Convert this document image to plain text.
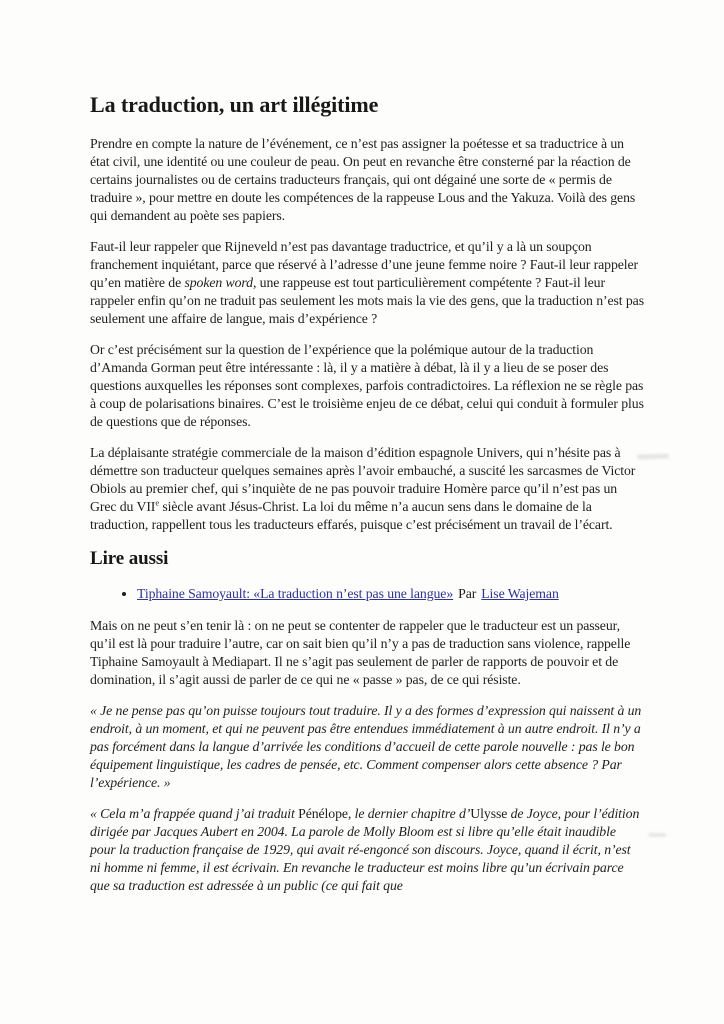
La traduction, un art illégitime

Prendre en compte la nature de l’événement, ce n’est pas assigner la poétesse et sa traductrice à un état civil, une identité ou une couleur de peau. On peut en revanche être consterné par la réaction de certains journalistes ou de certains traducteurs français, qui ont dégainé une sorte de « permis de traduire », pour mettre en doute les compétences de la rappeuse Lous and the Yakuza. Voilà des gens qui demandent au poète ses papiers.

Faut-il leur rappeler que Rijneveld n’est pas davantage traductrice, et qu’il y a là un soupçon franchement inquiétant, parce que réservé à l’adresse d’une jeune femme noire ? Faut-il leur rappeler qu’en matière de spoken word, une rappeuse est tout particulièrement compétente ? Faut-il leur rappeler enfin qu’on ne traduit pas seulement les mots mais la vie des gens, que la traduction n’est pas seulement une affaire de langue, mais d’expérience ?

Or c’est précisément sur la question de l’expérience que la polémique autour de la traduction d’Amanda Gorman peut être intéressante : là, il y a matière à débat, là il y a lieu de se poser des questions auxquelles les réponses sont complexes, parfois contradictoires. La réflexion ne se règle pas à coup de polarisations binaires. C’est le troisième enjeu de ce débat, celui qui conduit à formuler plus de questions que de réponses.

La déplaisante stratégie commerciale de la maison d’édition espagnole Univers, qui n’hésite pas à démettre son traducteur quelques semaines après l’avoir embauché, a suscité les sarcasmes de Victor Obiols au premier chef, qui s’inquiète de ne pas pouvoir traduire Homère parce qu’il n’est pas un Grec du VIIe siècle avant Jésus-Christ. La loi du même n’a aucun sens dans le domaine de la traduction, rappellent tous les traducteurs effarés, puisque c’est précisément un travail de l’écart.

Lire aussi
• Tiphaine Samoyault: «La traduction n’est pas une langue» Par Lise Wajeman

Mais on ne peut s’en tenir là : on ne peut se contenter de rappeler que le traducteur est un passeur, qu’il est là pour traduire l’autre, car on sait bien qu’il n’y a pas de traduction sans violence, rappelle Tiphaine Samoyault à Mediapart. Il ne s’agit pas seulement de parler de rapports de pouvoir et de domination, il s’agit aussi de parler de ce qui ne « passe » pas, de ce qui résiste.

« Je ne pense pas qu’on puisse toujours tout traduire. Il y a des formes d’expression qui naissent à un endroit, à un moment, et qui ne peuvent pas être entendues immédiatement à un autre endroit. Il n’y a pas forcément dans la langue d’arrivée les conditions d’accueil de cette parole nouvelle : pas le bon équipement linguistique, les cadres de pensée, etc. Comment compenser alors cette absence ? Par l’expérience. »

« Cela m’a frappée quand j’ai traduit Pénélope, le dernier chapitre d’Ulysse de Joyce, pour l’édition dirigée par Jacques Aubert en 2004. La parole de Molly Bloom est si libre qu’elle était inaudible pour la traduction française de 1929, qui avait ré-engoncé son discours. Joyce, quand il écrit, n’est ni homme ni femme, il est écrivain. En revanche le traducteur est moins libre qu’un écrivain parce que sa traduction est adressée à un public (ce qui fait que
